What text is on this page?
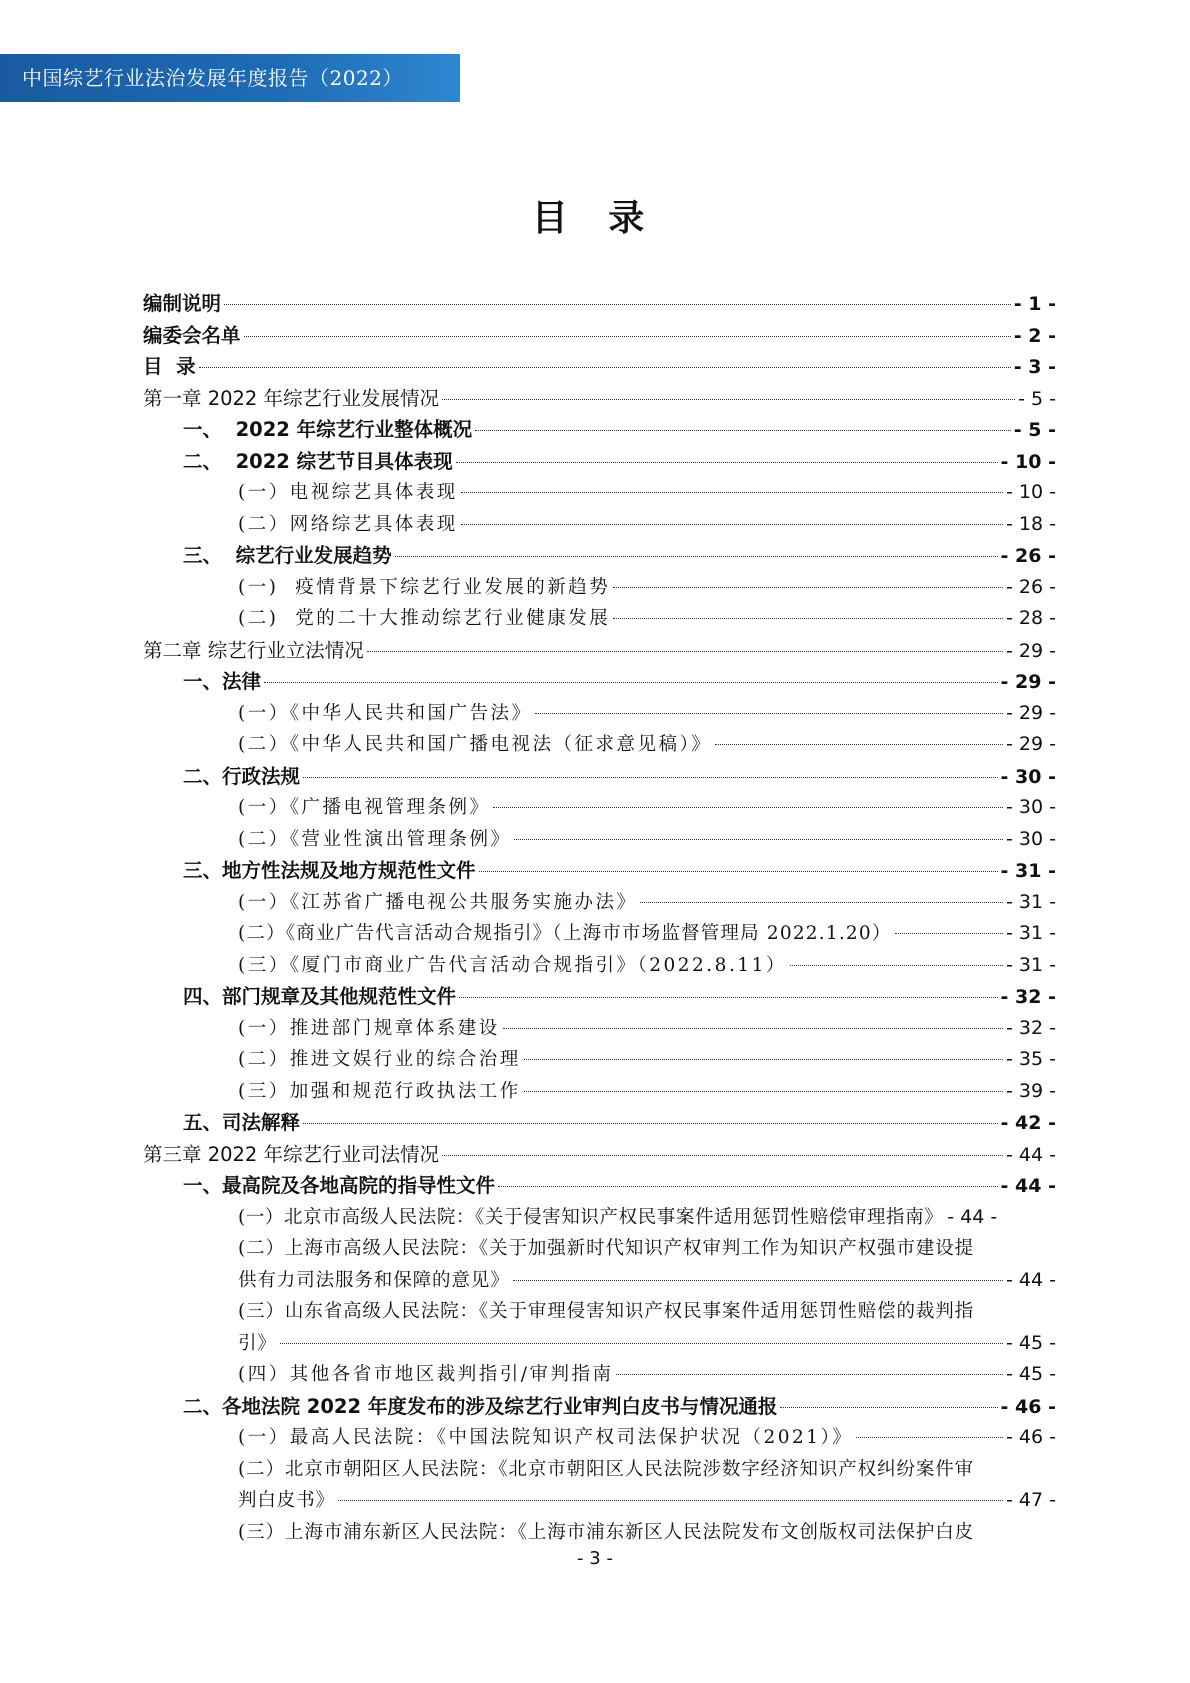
中国综艺行业法治发展年度报告（2022）
目 录
编制说明	- 1 -
编委会名单	- 2 -
目  录	- 3 -
第一章 2022 年综艺行业发展情况	- 5 -
一、  2022 年综艺行业整体概况	- 5 -
二、  2022 综艺节目具体表现	- 10 -
(一）电视综艺具体表现	- 10 -
(二）网络综艺具体表现	- 18 -
三、  综艺行业发展趋势	- 26 -
(一)  疫情背景下综艺行业发展的新趋势	- 26 -
(二)  党的二十大推动综艺行业健康发展	- 28 -
第二章 综艺行业立法情况	- 29 -
一、法律	- 29 -
(一）《中华人民共和国广告法》	- 29 -
(二）《中华人民共和国广播电视法（征求意见稿）》	- 29 -
二、行政法规	- 30 -
(一）《广播电视管理条例》	- 30 -
(二）《营业性演出管理条例》	- 30 -
三、地方性法规及地方规范性文件	- 31 -
(一）《江苏省广播电视公共服务实施办法》	- 31 -
(二）《商业广告代言活动合规指引》（上海市市场监督管理局 2022.1.20）	- 31 -
(三）《厦门市商业广告代言活动合规指引》（2022.8.11）	- 31 -
四、部门规章及其他规范性文件	- 32 -
(一）推进部门规章体系建设	- 32 -
(二）推进文娱行业的综合治理	- 35 -
(三）加强和规范行政执法工作	- 39 -
五、司法解释	- 42 -
第三章 2022 年综艺行业司法情况	- 44 -
一、最高院及各地高院的指导性文件	- 44 -
(一）北京市高级人民法院：《关于侵害知识产权民事案件适用惩罚性赔偿审理指南》 - 44 -
(二）上海市高级人民法院：《关于加强新时代知识产权审判工作为知识产权强市建设提
供有力司法服务和保障的意见》	- 44 -
(三）山东省高级人民法院：《关于审理侵害知识产权民事案件适用惩罚性赔偿的裁判指
引》	- 45 -
(四）其他各省市地区裁判指引/审判指南	- 45 -
二、各地法院 2022 年度发布的涉及综艺行业审判白皮书与情况通报	- 46 -
(一）最高人民法院：《中国法院知识产权司法保护状况（2021）》	- 46 -
(二）北京市朝阳区人民法院：《北京市朝阳区人民法院涉数字经济知识产权纠纷案件审
判白皮书》	- 47 -
(三）上海市浦东新区人民法院：《上海市浦东新区人民法院发布文创版权司法保护白皮
- 3 -
